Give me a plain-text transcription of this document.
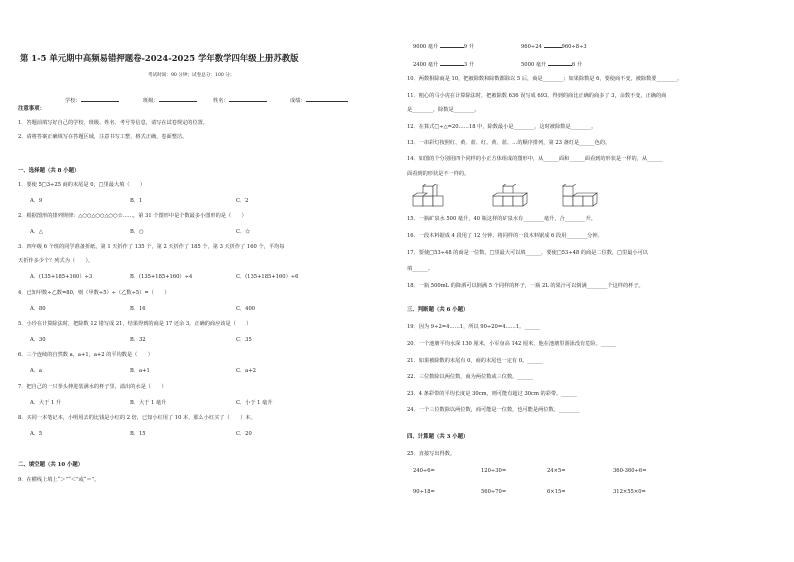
第 1-5 单元期中高频易错押题卷-2024-2025 学年数学四年级上册苏教版
考试时间：90 分钟；试卷总分：100 分；
学校：	班级：	姓名：	成绩：
注意事项：
1．答题前填写好自己的学校、班级、姓名、考号等信息，请写在试卷规定的位置。
2．请将答案正确填写在答题区域，注意书写工整，格式正确，卷面整洁。
一、选择题（共 8 小题）
1．要使 5□3÷25 商的末尾是 0，□里最大填（　　）
A．9	B．1	C．2
2．根据图形的排列规律：△○○△○○△○○☆……，第 31 个图形中是个数最多小图形的是（　　）
A．△	B．○	C．☆
3．四年级 6 个班的同学准备折纸，第 1 天折作了 135 个，第 2 天折作了 185 个，第 3 天折作了 160 个，平均每
天折作多少个？列式为（　　）。
A．(135+185+160）÷3	B．(135+185+160）÷4	C．(135+185+160）÷6
4．已知甲数÷乙数=80，则（甲数÷5）÷（乙数÷5）=（　　）
A．80	B．16	C．400
5．小玲在计算除法时，把除数 12 错写成 21，结果得到的商是 17 还余 3，正确的商应该是（　　）
A．30	B．32	C．35
6．三个连续的自然数 a，a+1，a+2 的平均数是（　　）
A．a	B．a+1	C．a+2
7．把自己的一只拳头伸进装满水的杯子里，溢出的水是（　　）
A．大于 1 升	B．大于 1 毫升	C．小于 1 毫升
8．买同一本笔记本，小明用去的比钱是小红的 2 倍，已知小红用了 10 本，那么小红买了（　　）本。
A．5	B．15	C．20
二、填空题（共 10 小题）
9．在横线上填上“＞”“＜”或“＝”。
9000 毫升	9 升	960÷24	960÷8÷3
2400 毫升	3 升	5000 毫升	6 升
10．两数相除商是 10，把被除数和除数都除以 5 后，商是________；如果除数是 6，要使商不变，被除数要________。
11．粗心的马小虎在计算除法时，把被除数 636 误写成 693，得到的商比正确的商多了 3，余数不变，正确的商
是________，除数是________。
12．在算式□÷△=20……18 中，除数最小是________，这时被除数是________。
13．一串彩灯按照红、黄、蓝、红、黄、蓝、…的顺序排列，第 23 盏灯是______色的。
14．如图的个分别用四个同样的小正方体组成的图形中，从______面和______面看到的形状是一样的，从______
面看到的形状是不一样的。
15．一瓶矿泉水 500 毫升，40 瓶这样的矿泉水有________毫升，合________升。
16．一段木料锯成 4 段用了 12 分钟，将同样的一段木料锯成 6 段用________分钟。
17．要使□53÷48 的商是一位数，□里最大可以填______，要使□53÷48 的商是二位数，□里最小可以
填______。
18．一瓶 500mL 的降酒可以倒满 5 个同样的杯子，一瓶 2L 的果汁可以倒满________个这样的杯子。
三、判断题（共 6 小题）
19．因为 9÷2=4……1，所以 90÷20=4……1。______
20．一个池塘平均水深 130 厘米，小军身高 142 厘米，他在池塘里游泳没有危险。______
21．如果被除数的末尾有 0，商的末尾也一定有 0。______
22．三位数除以两位数，商为两位数或三位数。______
23．4 条彩带的平均长度是 30cm，则可能有超过 30cm 的彩带。______
24．一个三位数除以两位数，商可能是一位数，也可能是两位数。________
四、计算题（共 3 小题）
25．直接写出得数。
240÷6=	120÷30=	24×5=	360-360÷6=
90÷18=	560÷70=	6×15=	312×55×0=
